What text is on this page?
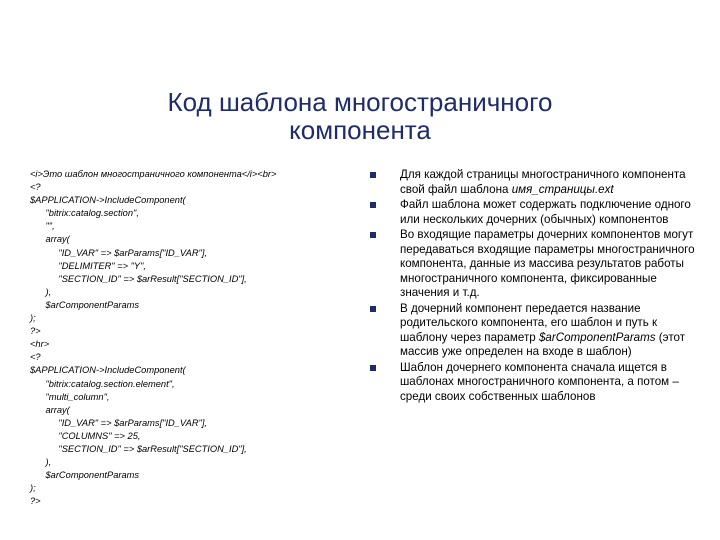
Код шаблона многостраничного
компонента
<i>Это шаблон многостраничного компонента</i><br>
<?
$APPLICATION->IncludeComponent(
"bitrix:catalog.section",
"",
array(
"ID_VAR" => $arParams["ID_VAR"],
"DELIMITER" => "Y",
"SECTION_ID" => $arResult["SECTION_ID"],
),
$arComponentParams
);
?>
<hr>
<?
$APPLICATION->IncludeComponent(
"bitrix:catalog.section.element",
"multi_column",
array(
"ID_VAR" => $arParams["ID_VAR"],
"COLUMNS" => 25,
"SECTION_ID" => $arResult["SECTION_ID"],
),
$arComponentParams
);
?>
Для каждой страницы многостраничного компонента свой файл шаблона имя_страницы.ext
Файл шаблона может содержать подключение одного или нескольких дочерних (обычных) компонентов
Во входящие параметры дочерних компонентов могут передаваться входящие параметры многостраничного компонента, данные из массива результатов работы многостраничного компонента, фиксированные значения и т.д.
В дочерний компонент передается название родительского компонента, его шаблон и путь к шаблону через параметр $arComponentParams (этот массив уже определен на входе в шаблон)
Шаблон дочернего компонента сначала ищется в шаблонах многостраничного компонента, а потом – среди своих собственных шаблонов
